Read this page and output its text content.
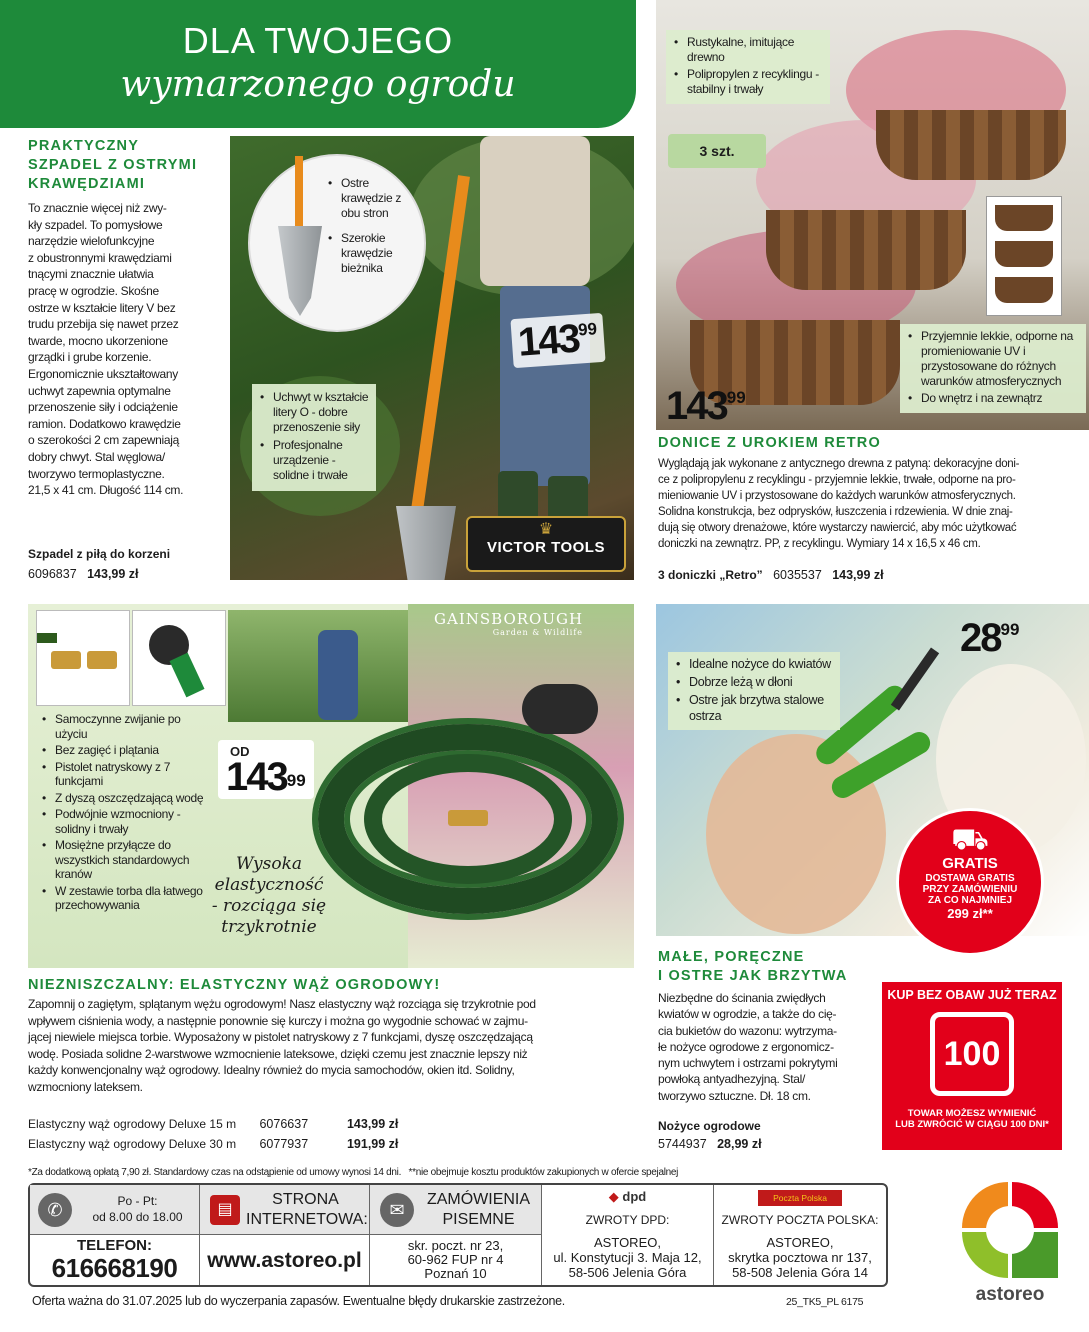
DLA TWOJEGO
wymarzonego ogrodu
PRAKTYCZNY
SZPADEL Z OSTRYMI
KRAWĘDZIAMI
To znacznie więcej niż zwy-
kły szpadel. To pomysłowe
narzędzie wielofunkcyjne
z obustronnymi krawędziami
tnącymi znacznie ułatwia
pracę w ogrodzie. Skośne
ostrze w kształcie litery V bez
trudu przebija się nawet przez
twarde, mocno ukorzenione
grządki i grube korzenie.
Ergonomicznie ukształtowany
uchwyt zapewnia optymalne
przenoszenie siły i odciążenie
ramion. Dodatkowo krawędzie
o szerokości 2 cm zapewniają
dobry chwyt. Stal węglowa/
tworzywo termoplastyczne.
21,5 x 41 cm. Długość 114 cm.
Szpadel z piłą do korzeni
6096837 143,99 zł
• Ostre krawędzie z obu stron
• Szerokie krawędzie bieżnika
• Uchwyt w kształcie litery O - dobre przenoszenie siły
• Profesjonalne urządzenie - solidne i trwałe
$143^{99}$
♛
VICTOR TOOLS
• Rustykalne, imitujące drewno
• Polipropylen z recyklingu - stabilny i trwały
3 szt.
• Przyjemnie lekkie, odporne na promieniowanie UV i przystosowane do różnych warunków atmosferycznych
• Do wnętrz i na zewnątrz
$143^{99}$
DONICE Z UROKIEM RETRO
Wyglądają jak wykonane z antycznego drewna z patyną: dekoracyjne doni-
ce z polipropylenu z recyklingu - przyjemnie lekkie, trwałe, odporne na pro-
mieniowanie UV i przystosowane do każdych warunków atmosferycznych.
Solidna konstrukcja, bez odprysków, łuszczenia i rdzewienia. W dnie znaj-
dują się otwory drenażowe, które wystarczy nawiercić, aby móc użytkować
doniczki na zewnątrz. PP, z recyklingu. Wymiary 14 x 16,5 x 46 cm.
3 doniczki „Retro” 6035537 143,99 zł
GAINSBOROUGH
Garden & Wildlife
• Samoczynne zwijanie po użyciu
• Bez zagięć i plątania
• Pistolet natryskowy z 7 funkcjami
• Z dyszą oszczędzającą wodę
• Podwójnie wzmocniony - solidny i trwały
• Mosiężne przyłącze do wszystkich standardowych kranów
• W zestawie torba dla łatwego przechowywania
OD
$143^{99}$
Wysoka
elastyczność
- rozciąga się
trzykrotnie
NIEZNISZCZALNY: ELASTYCZNY WĄŻ OGRODOWY!
Zapomnij o zagiętym, splątanym wężu ogrodowym! Nasz elastyczny wąż rozciąga się trzykrotnie pod
wpływem ciśnienia wody, a następnie ponownie się kurczy i można go wygodnie schować w zajmu-
jącej niewiele miejsca torbie. Wyposażony w pistolet natryskowy z 7 funkcjami, dyszę oszczędzającą
wodę. Posiada solidne 2-warstwowe wzmocnienie lateksowe, dzięki czemu jest znacznie lepszy niż
każdy konwencjonalny wąż ogrodowy. Idealny również do mycia samochodów, okien itd. Solidny,
wzmocniony lateksem.
Elastyczny wąż ogrodowy Deluxe 15 m 6076637	143,99 zł
Elastyczny wąż ogrodowy Deluxe 30 m 6077937	191,99 zł
• Idealne nożyce do kwiatów
• Dobrze leżą w dłoni
• Ostre jak brzytwa stalowe ostrza
$28^{99}$
⛟
GRATIS
DOSTAWA GRATIS
PRZY ZAMÓWIENIU
ZA CO NAJMNIEJ
299 zł**
MAŁE, PORĘCZNE
I OSTRE JAK BRZYTWA
Niezbędne do ścinania zwiędłych
kwiatów w ogrodzie, a także do cię-
cia bukietów do wazonu: wytrzyma-
łe nożyce ogrodowe z ergonomicz-
nym uchwytem i ostrzami pokrytymi
powłoką antyadhezyjną. Stal/
tworzywo sztuczne. Dł. 18 cm.
Nożyce ogrodowe
5744937 28,99 zł
KUP BEZ OBAW JUŻ TERAZ
100
TOWAR MOŻESZ WYMIENIĆ
LUB ZWRÓCIĆ W CIĄGU 100 DNI*
*Za dodatkową opłatą 7,90 zł. Standardowy czas na odstąpienie od umowy wynosi 14 dni.   **nie obejmuje kosztu produktów zakupionych w ofercie spejalnej
✆	Po - Pt:
od 8.00 do 18.00
TELEFON:
616668190
▤
STRONA
INTERNETOWA:
www.astoreo.pl
✉
ZAMÓWIENIA
PISEMNE
skr. poczt. nr 23,
60-962 FUP nr 4
Poznań 10
◆ dpd
ZWROTY DPD:
ASTOREO,
ul. Konstytucji 3. Maja 12,
58-506 Jelenia Góra
Poczta Polska
ZWROTY POCZTA POLSKA:
ASTOREO,
skrytka pocztowa nr 137,
58-508 Jelenia Góra 14
Oferta ważna do 31.07.2025 lub do wyczerpania zapasów. Ewentualne błędy drukarskie zastrzeżone.	25_TK5_PL 6175	astoreo
